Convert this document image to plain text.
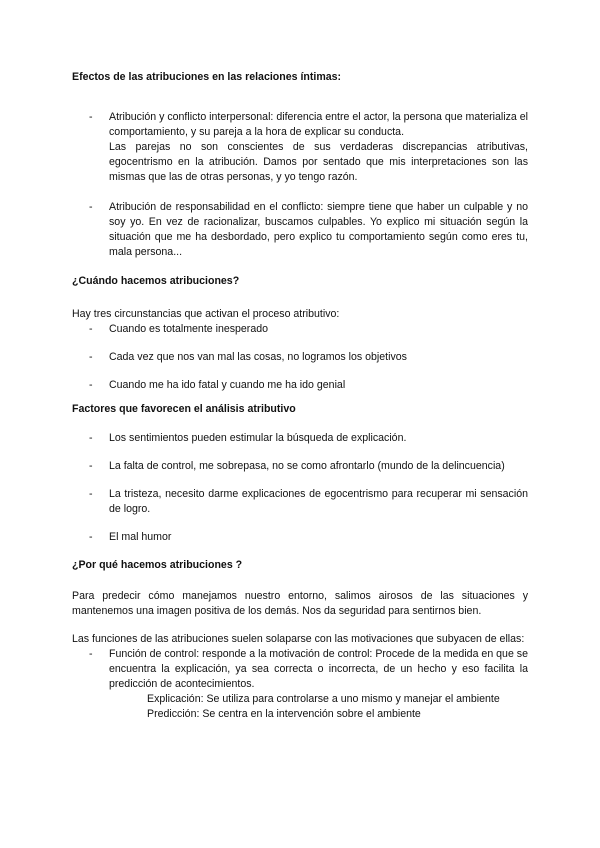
Efectos de las atribuciones en las relaciones íntimas:

- Atribución y conflicto interpersonal: diferencia entre el actor, la persona que materializa el comportamiento, y su pareja a la hora de explicar su conducta.

Las parejas no son conscientes de sus verdaderas discrepancias atributivas, egocentrismo en la atribución. Damos por sentado que mis interpretaciones son las mismas que las de otras personas, y yo tengo razón.

- Atribución de responsabilidad en el conflicto: siempre tiene que haber un culpable y no soy yo. En vez de racionalizar, buscamos culpables. Yo explico mi situación según la situación que me ha desbordado, pero explico tu comportamiento según como eres tu, mala persona...

¿Cuándo hacemos atribuciones?

Hay tres circunstancias que activan el proceso atributivo:

- Cuando es totalmente inesperado

- Cada vez que nos van mal las cosas, no logramos los objetivos

- Cuando me ha ido fatal y cuando me ha ido genial

Factores que favorecen el análisis atributivo

- Los sentimientos pueden estimular la búsqueda de explicación.

- La falta de control, me sobrepasa, no se como afrontarlo (mundo de la delincuencia)

- La tristeza, necesito darme explicaciones de egocentrismo para recuperar mi sensación de logro.

- El mal humor

¿Por qué hacemos atribuciones ?

Para predecir cómo manejamos nuestro entorno, salimos airosos de las situaciones y mantenemos una imagen positiva de los demás. Nos da seguridad para sentirnos bien.

Las funciones de las atribuciones suelen solaparse con las motivaciones que subyacen de ellas:

- Función de control: responde a la motivación de control: Procede de la medida en que se encuentra la explicación, ya sea correcta o incorrecta, de un hecho y eso facilita la predicción de acontecimientos.

Explicación: Se utiliza para controlarse a uno mismo y manejar el ambiente

Predicción: Se centra en la intervención sobre el ambiente
